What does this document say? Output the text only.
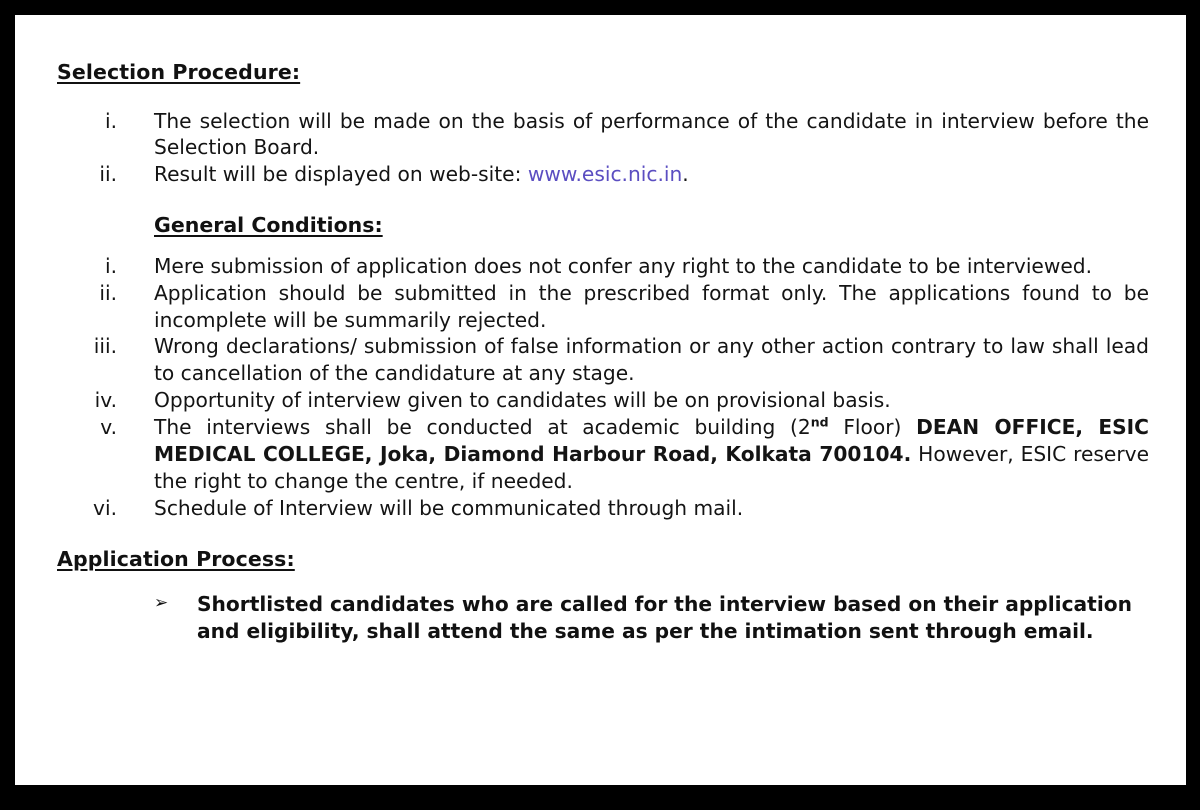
Selection Procedure:
i. The selection will be made on the basis of performance of the candidate in interview before the Selection Board.
ii. Result will be displayed on web-site: www.esic.nic.in.
General Conditions:
i. Mere submission of application does not confer any right to the candidate to be interviewed.
ii. Application should be submitted in the prescribed format only. The applications found to be incomplete will be summarily rejected.
iii. Wrong declarations/ submission of false information or any other action contrary to law shall lead to cancellation of the candidature at any stage.
iv. Opportunity of interview given to candidates will be on provisional basis.
v. The interviews shall be conducted at academic building (2nd Floor) DEAN OFFICE, ESIC MEDICAL COLLEGE, Joka, Diamond Harbour Road, Kolkata 700104. However, ESIC reserve the right to change the centre, if needed.
vi. Schedule of Interview will be communicated through mail.
Application Process:
➢ Shortlisted candidates who are called for the interview based on their application and eligibility, shall attend the same as per the intimation sent through email.
